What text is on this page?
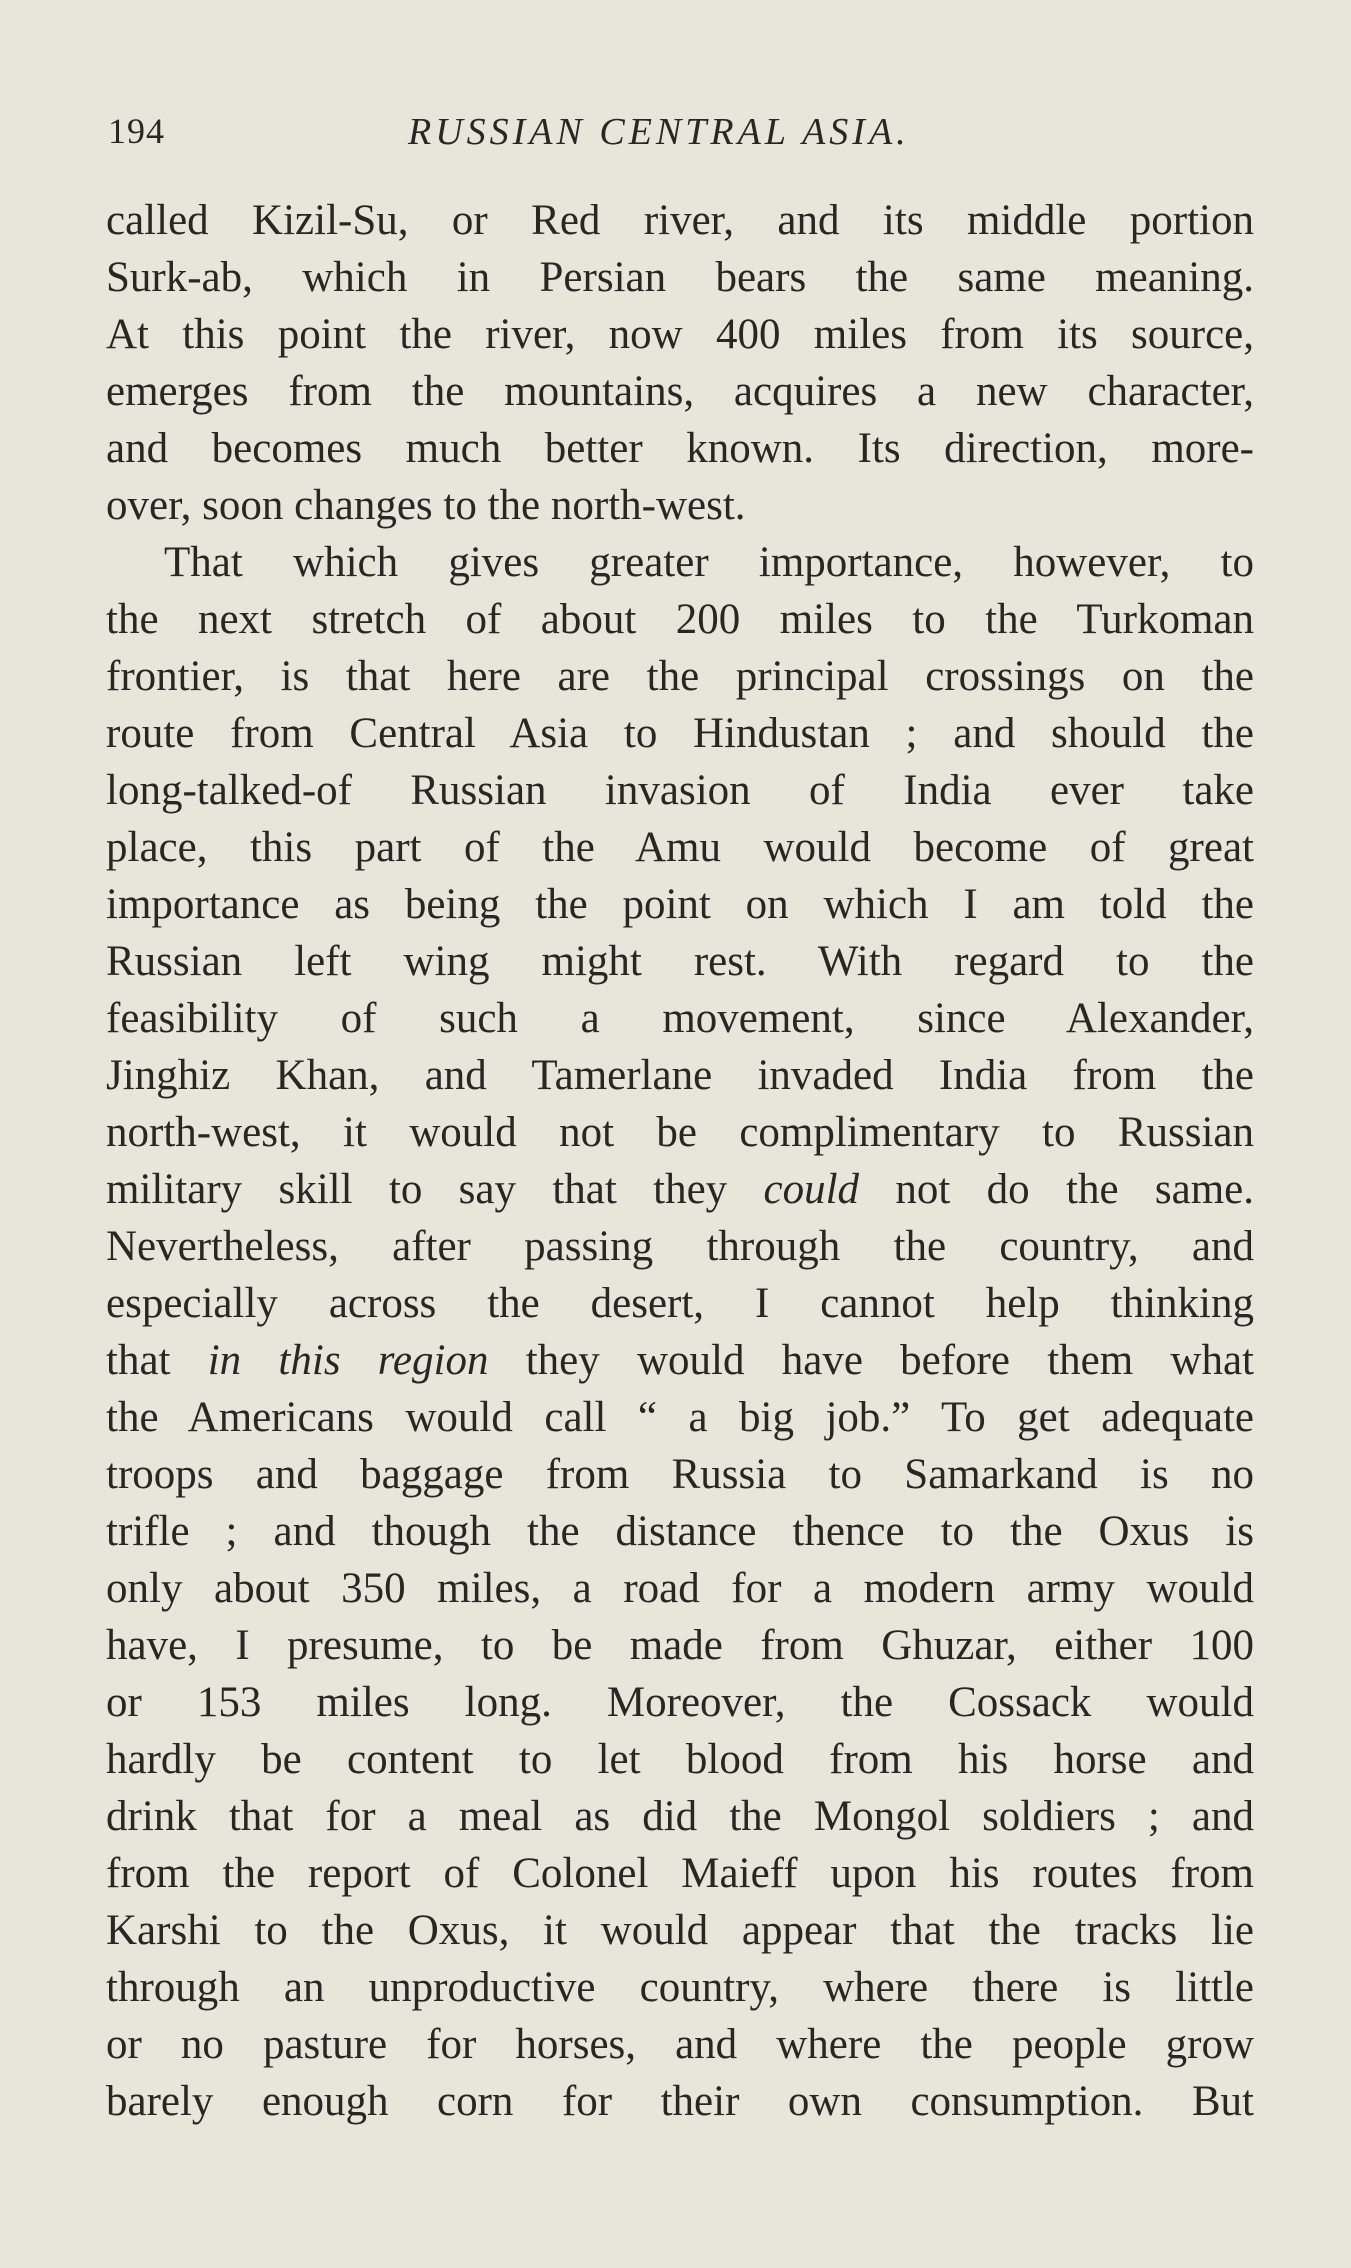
194	RUSSIAN CENTRAL ASIA.
called Kizil-Su, or Red river, and its middle portion
Surk-ab, which in Persian bears the same meaning.
At this point the river, now 400 miles from its source,
emerges from the mountains, acquires a new character,
and becomes much better known. Its direction, more-
over, soon changes to the north-west.
That which gives greater importance, however, to
the next stretch of about 200 miles to the Turkoman
frontier, is that here are the principal crossings on the
route from Central Asia to Hindustan ; and should the
long-talked-of Russian invasion of India ever take
place, this part of the Amu would become of great
importance as being the point on which I am told the
Russian left wing might rest. With regard to the
feasibility of such a movement, since Alexander,
Jinghiz Khan, and Tamerlane invaded India from the
north-west, it would not be complimentary to Russian
military skill to say that they could not do the same.
Nevertheless, after passing through the country, and
especially across the desert, I cannot help thinking
that in this region they would have before them what
the Americans would call “ a big job.” To get adequate
troops and baggage from Russia to Samarkand is no
trifle ; and though the distance thence to the Oxus is
only about 350 miles, a road for a modern army would
have, I presume, to be made from Ghuzar, either 100
or 153 miles long. Moreover, the Cossack would
hardly be content to let blood from his horse and
drink that for a meal as did the Mongol soldiers ; and
from the report of Colonel Maieff upon his routes from
Karshi to the Oxus, it would appear that the tracks lie
through an unproductive country, where there is little
or no pasture for horses, and where the people grow
barely enough corn for their own consumption. But
